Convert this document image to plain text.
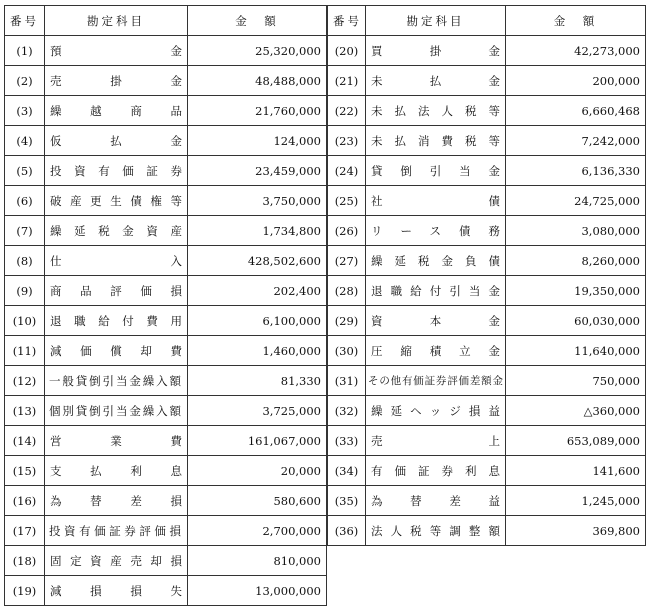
番号	勘定科目	金　額
(1)	預金	25,320,000
(2)	売掛金	48,488,000
(3)	繰越商品	21,760,000
(4)	仮払金	124,000
(5)	投資有価証券	23,459,000
(6)	破産更生債権等	3,750,000
(7)	繰延税金資産	1,734,800
(8)	仕入	428,502,600
(9)	商品評価損	202,400
(10)	退職給付費用	6,100,000
(11)	減価償却費	1,460,000
(12)	一般貸倒引当金繰入額	81,330
(13)	個別貸倒引当金繰入額	3,725,000
(14)	営業費	161,067,000
(15)	支払利息	20,000
(16)	為替差損	580,600
(17)	投資有価証券評価損	2,700,000
(18)	固定資産売却損	810,000
(19)	減損損失	13,000,000
番号	勘定科目	金　額
(20)	買掛金	42,273,000
(21)	未払金	200,000
(22)	未払法人税等	6,660,468
(23)	未払消費税等	7,242,000
(24)	貸倒引当金	6,136,330
(25)	社債	24,725,000
(26)	リース債務	3,080,000
(27)	繰延税金負債	8,260,000
(28)	退職給付引当金	19,350,000
(29)	資本金	60,030,000
(30)	圧縮積立金	11,640,000
(31)	その他有価証券評価差額金	750,000
(32)	繰延ヘッジ損益	△360,000
(33)	売上	653,089,000
(34)	有価証券利息	141,600
(35)	為替差益	1,245,000
(36)	法人税等調整額	369,800
